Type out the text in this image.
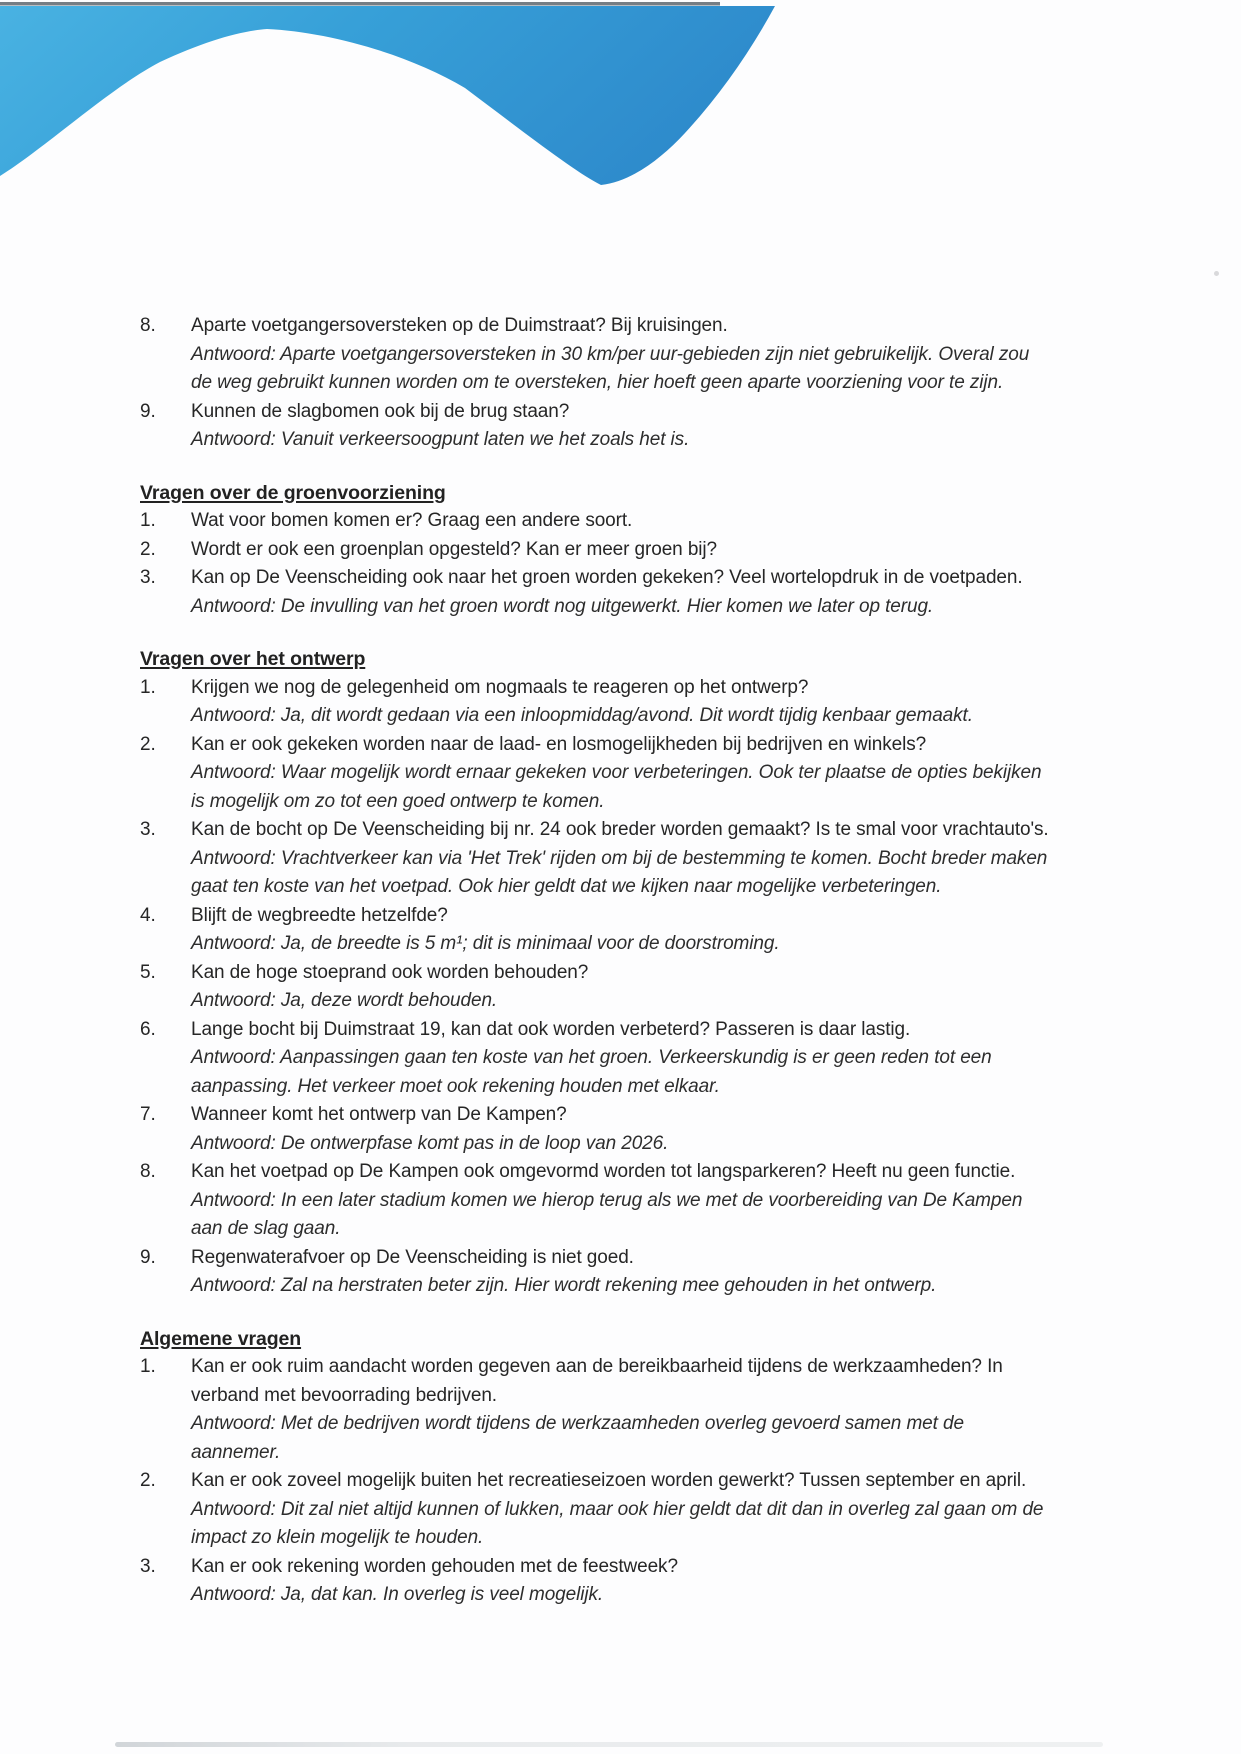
8.	Aparte voetgangersoversteken op de Duimstraat? Bij kruisingen.
Antwoord: Aparte voetgangersoversteken in 30 km/per uur-gebieden zijn niet gebruikelijk. Overal zou
de weg gebruikt kunnen worden om te oversteken, hier hoeft geen aparte voorziening voor te zijn.
9.	Kunnen de slagbomen ook bij de brug staan?
Antwoord: Vanuit verkeersoogpunt laten we het zoals het is.
Vragen over de groenvoorziening
1.	Wat voor bomen komen er? Graag een andere soort.
2.	Wordt er ook een groenplan opgesteld? Kan er meer groen bij?
3.	Kan op De Veenscheiding ook naar het groen worden gekeken? Veel wortelopdruk in de voetpaden.
Antwoord: De invulling van het groen wordt nog uitgewerkt. Hier komen we later op terug.
Vragen over het ontwerp
1.	Krijgen we nog de gelegenheid om nogmaals te reageren op het ontwerp?
Antwoord: Ja, dit wordt gedaan via een inloopmiddag/avond. Dit wordt tijdig kenbaar gemaakt.
2.	Kan er ook gekeken worden naar de laad- en losmogelijkheden bij bedrijven en winkels?
Antwoord: Waar mogelijk wordt ernaar gekeken voor verbeteringen. Ook ter plaatse de opties bekijken
is mogelijk om zo tot een goed ontwerp te komen.
3.	Kan de bocht op De Veenscheiding bij nr. 24 ook breder worden gemaakt? Is te smal voor vrachtauto's.
Antwoord: Vrachtverkeer kan via 'Het Trek' rijden om bij de bestemming te komen. Bocht breder maken
gaat ten koste van het voetpad. Ook hier geldt dat we kijken naar mogelijke verbeteringen.
4.	Blijft de wegbreedte hetzelfde?
Antwoord: Ja, de breedte is 5 m¹; dit is minimaal voor de doorstroming.
5.	Kan de hoge stoeprand ook worden behouden?
Antwoord: Ja, deze wordt behouden.
6.	Lange bocht bij Duimstraat 19, kan dat ook worden verbeterd? Passeren is daar lastig.
Antwoord: Aanpassingen gaan ten koste van het groen. Verkeerskundig is er geen reden tot een
aanpassing. Het verkeer moet ook rekening houden met elkaar.
7.	Wanneer komt het ontwerp van De Kampen?
Antwoord: De ontwerpfase komt pas in de loop van 2026.
8.	Kan het voetpad op De Kampen ook omgevormd worden tot langsparkeren? Heeft nu geen functie.
Antwoord: In een later stadium komen we hierop terug als we met de voorbereiding van De Kampen
aan de slag gaan.
9.	Regenwaterafvoer op De Veenscheiding is niet goed.
Antwoord: Zal na herstraten beter zijn. Hier wordt rekening mee gehouden in het ontwerp.
Algemene vragen
1.	Kan er ook ruim aandacht worden gegeven aan de bereikbaarheid tijdens de werkzaamheden? In
verband met bevoorrading bedrijven.
Antwoord: Met de bedrijven wordt tijdens de werkzaamheden overleg gevoerd samen met de
aannemer.
2.	Kan er ook zoveel mogelijk buiten het recreatieseizoen worden gewerkt? Tussen september en april.
Antwoord: Dit zal niet altijd kunnen of lukken, maar ook hier geldt dat dit dan in overleg zal gaan om de
impact zo klein mogelijk te houden.
3.	Kan er ook rekening worden gehouden met de feestweek?
Antwoord: Ja, dat kan. In overleg is veel mogelijk.
